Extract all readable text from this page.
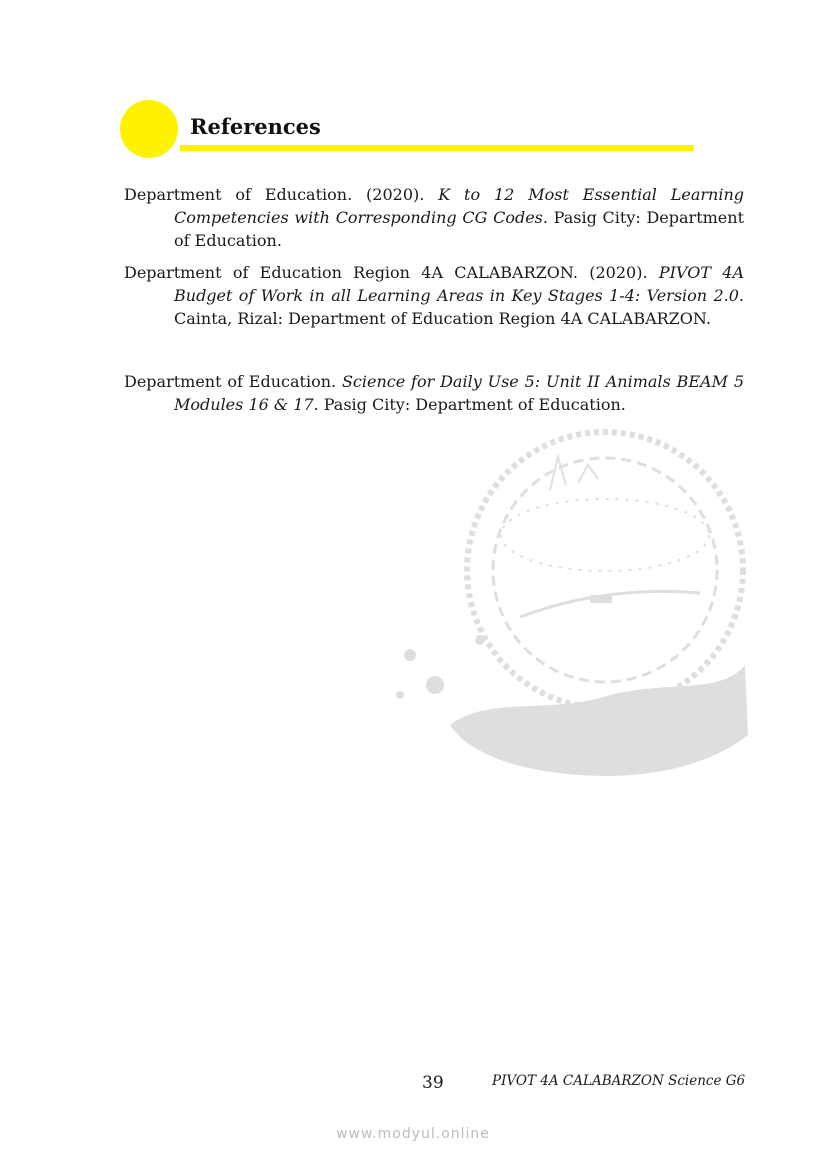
References

Department of Education. (2020). K to 12 Most Essential Learning Competencies with Corresponding CG Codes. Pasig City: Department of Education.

Department of Education Region 4A CALABARZON. (2020). PIVOT 4A Budget of Work in all Learning Areas in Key Stages 1-4: Version 2.0. Cainta, Rizal: Department of Education Region 4A CALABARZON.

Department of Education. Science for Daily Use 5: Unit II Animals BEAM 5 Modules 16 & 17. Pasig City: Department of Education.

39	PIVOT 4A CALABARZON Science G6
www.modyul.online
